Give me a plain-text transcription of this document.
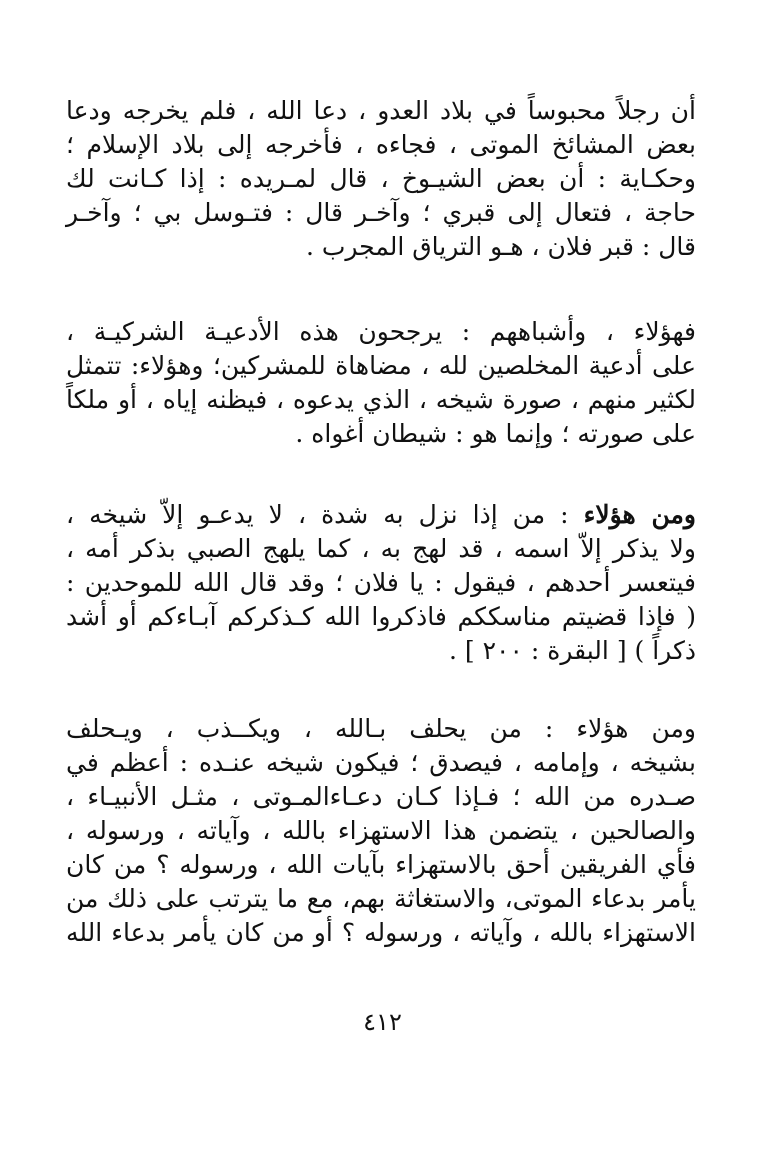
أن رجلاً محبوساً في بلاد العدو ، دعا الله ، فلم يخرجه ودعا
بعض المشائخ الموتى ، فجاءه ، فأخرجه إلى بلاد الإسلام ؛
وحكـاية : أن بعض الشيـوخ ، قال لمـريده : إذا كـانت لك
حاجة ، فتعال إلى قبري ؛ وآخـر قال : فتـوسل بي ؛ وآخـر
قال : قبر فلان ، هـو الترياق المجرب .
فهؤلاء ، وأشباههم : يرجحون هذه الأدعيـة الشركيـة ،
على أدعية المخلصين لله ، مضاهاة للمشركين؛ وهؤلاء: تتمثل
لكثير منهم ، صورة شيخه ، الذي يدعوه ، فيظنه إياه ، أو ملكاً
على صورته ؛ وإنما هو : شيطان أغواه .
ومن هؤلاء : من إذا نزل به شدة ، لا يدعـو إلاّ شيخه ،
ولا يذكر إلاّ اسمه ، قد لهج به ، كما يلهج الصبي بذكر أمه ،
فيتعسر أحدهم ، فيقول : يا فلان ؛ وقد قال الله للموحدين :
( فإذا قضيتم مناسككم فاذكروا الله كـذكركم آبـاءكم أو أشد
ذكراً ) [ البقرة : ٢٠٠ ] .
ومن هؤلاء : من يحلف بـالله ، ويكــذب ، ويـحلف
بشيخه ، وإمامه ، فيصدق ؛ فيكون شيخه عنـده : أعظم في
صـدره من الله ؛ فـإذا كـان دعـاءالمـوتى ، مثـل الأنبيـاء ،
والصالحين ، يتضمن هذا الاستهزاء بالله ، وآياته ، ورسوله ،
فأي الفريقين أحق بالاستهزاء بآيات الله ، ورسوله ؟ من كان
يأمر بدعاء الموتى، والاستغاثة بهم، مع ما يترتب على ذلك من
الاستهزاء بالله ، وآياته ، ورسوله ؟ أو من كان يأمر بدعاء الله
٤١٢
